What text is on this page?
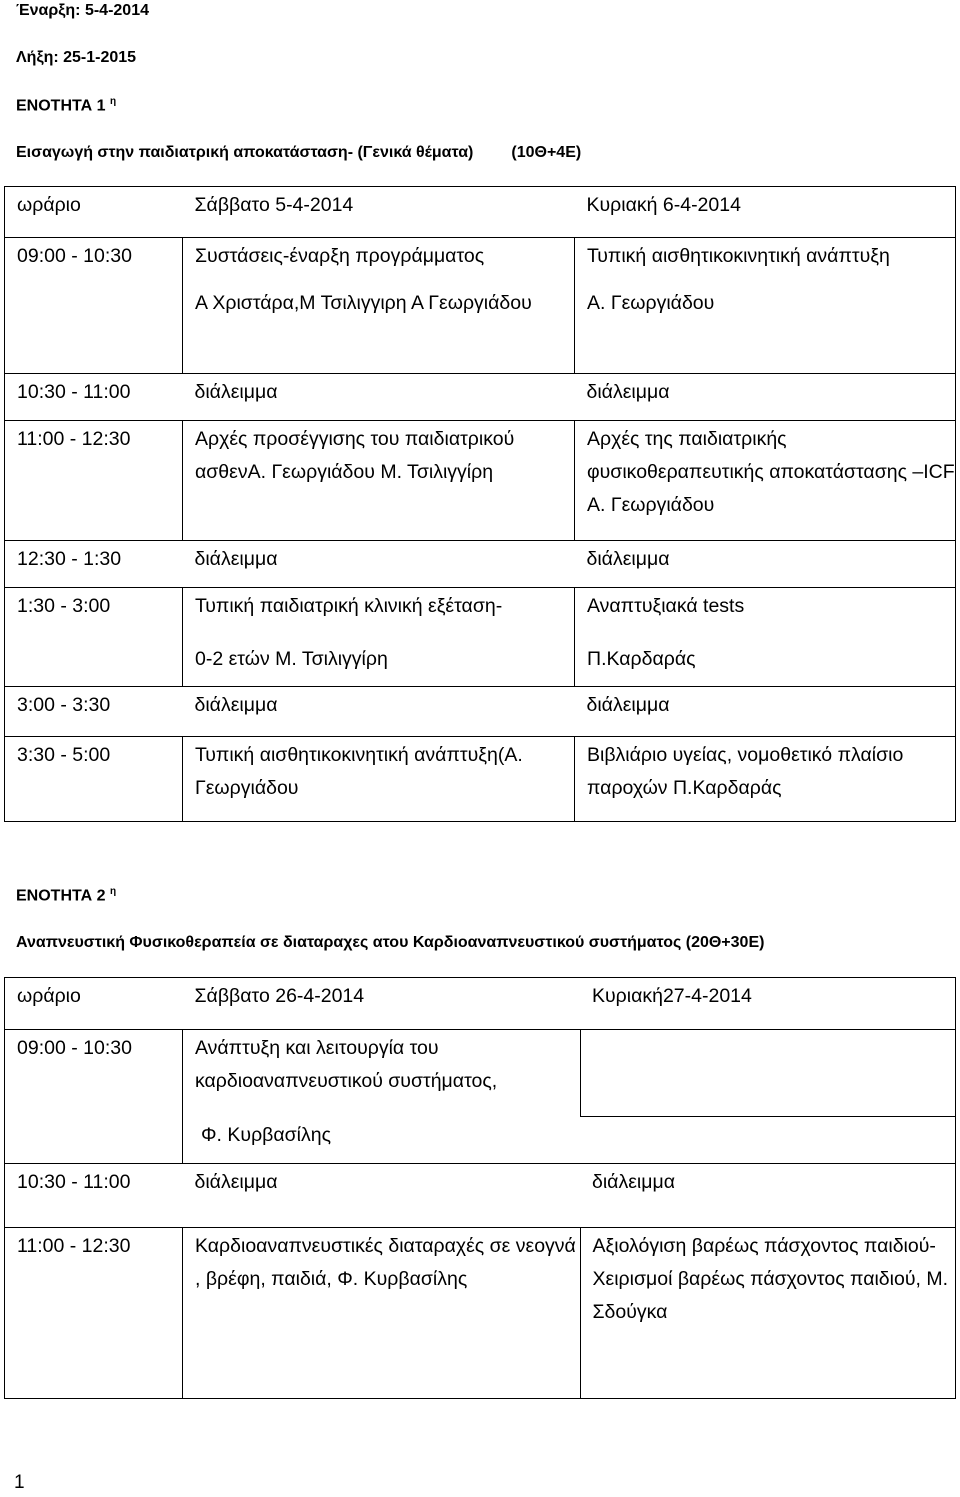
Έναρξη: 5-4-2014
Λήξη: 25-1-2015
ΕΝΟΤΗΤΑ 1 $^\eta$
Εισαγωγή στην παιδιατρική αποκατάσταση- (Γενικά θέματα) (10Θ+4Ε)
ωράριο	Σάββατο 5-4-2014	Κυριακή 6-4-2014
09:00 - 10:30	Συστάσεις-έναρξη προγράμματος	Τυπική αισθητικοκινητική ανάπτυξη
	Α Χριστάρα,Μ Τσιλιγγιρη Α Γεωργιάδου	Α. Γεωργιάδου
10:30 - 11:00	διάλειμμα	διάλειμμα
11:00 - 12:30	Αρχές προσέγγισης του παιδιατρικού ασθενΑ. Γεωργιάδου Μ. Τσιλιγγίρη	Αρχές της παιδιατρικής φυσικοθεραπευτικής αποκατάστασης –ICF Α. Γεωργιάδου
12:30 - 1:30	διάλειμμα	διάλειμμα
1:30 - 3:00	Τυπική παιδιατρική κλινική εξέταση-	Αναπτυξιακά tests
	0-2 ετών Μ. Τσιλιγγίρη	Π.Καρδαράς
3:00 - 3:30	διάλειμμα	διάλειμμα
3:30 - 5:00	Τυπική αισθητικοκινητική ανάπτυξη(Α. Γεωργιάδου	Βιβλιάριο υγείας, νομοθετικό πλαίσιο παροχών Π.Καρδαράς
ΕΝΟΤΗΤΑ 2 $^\eta$
Αναπνευστική Φυσικοθεραπεία σε διαταραχες ατου Καρδιοαναπνευστικού συστήματος (20Θ+30Ε)
ωράριο	Σάββατο 26-4-2014	Κυριακή27-4-2014
09:00 - 10:30	Ανάπτυξη και λειτουργία του καρδιοαναπνευστικού συστήματος,	
	Φ. Κυρβασίλης	
10:30 - 11:00	διάλειμμα	διάλειμμα
11:00 - 12:30	Καρδιοαναπνευστικές διαταραχές σε νεογνά , βρέφη, παιδιά, Φ. Κυρβασίλης	Αξιολόγιση βαρέως πάσχοντος παιδιού- Χειρισμοί βαρέως πάσχοντος παιδιού, Μ. Σδούγκα
1
